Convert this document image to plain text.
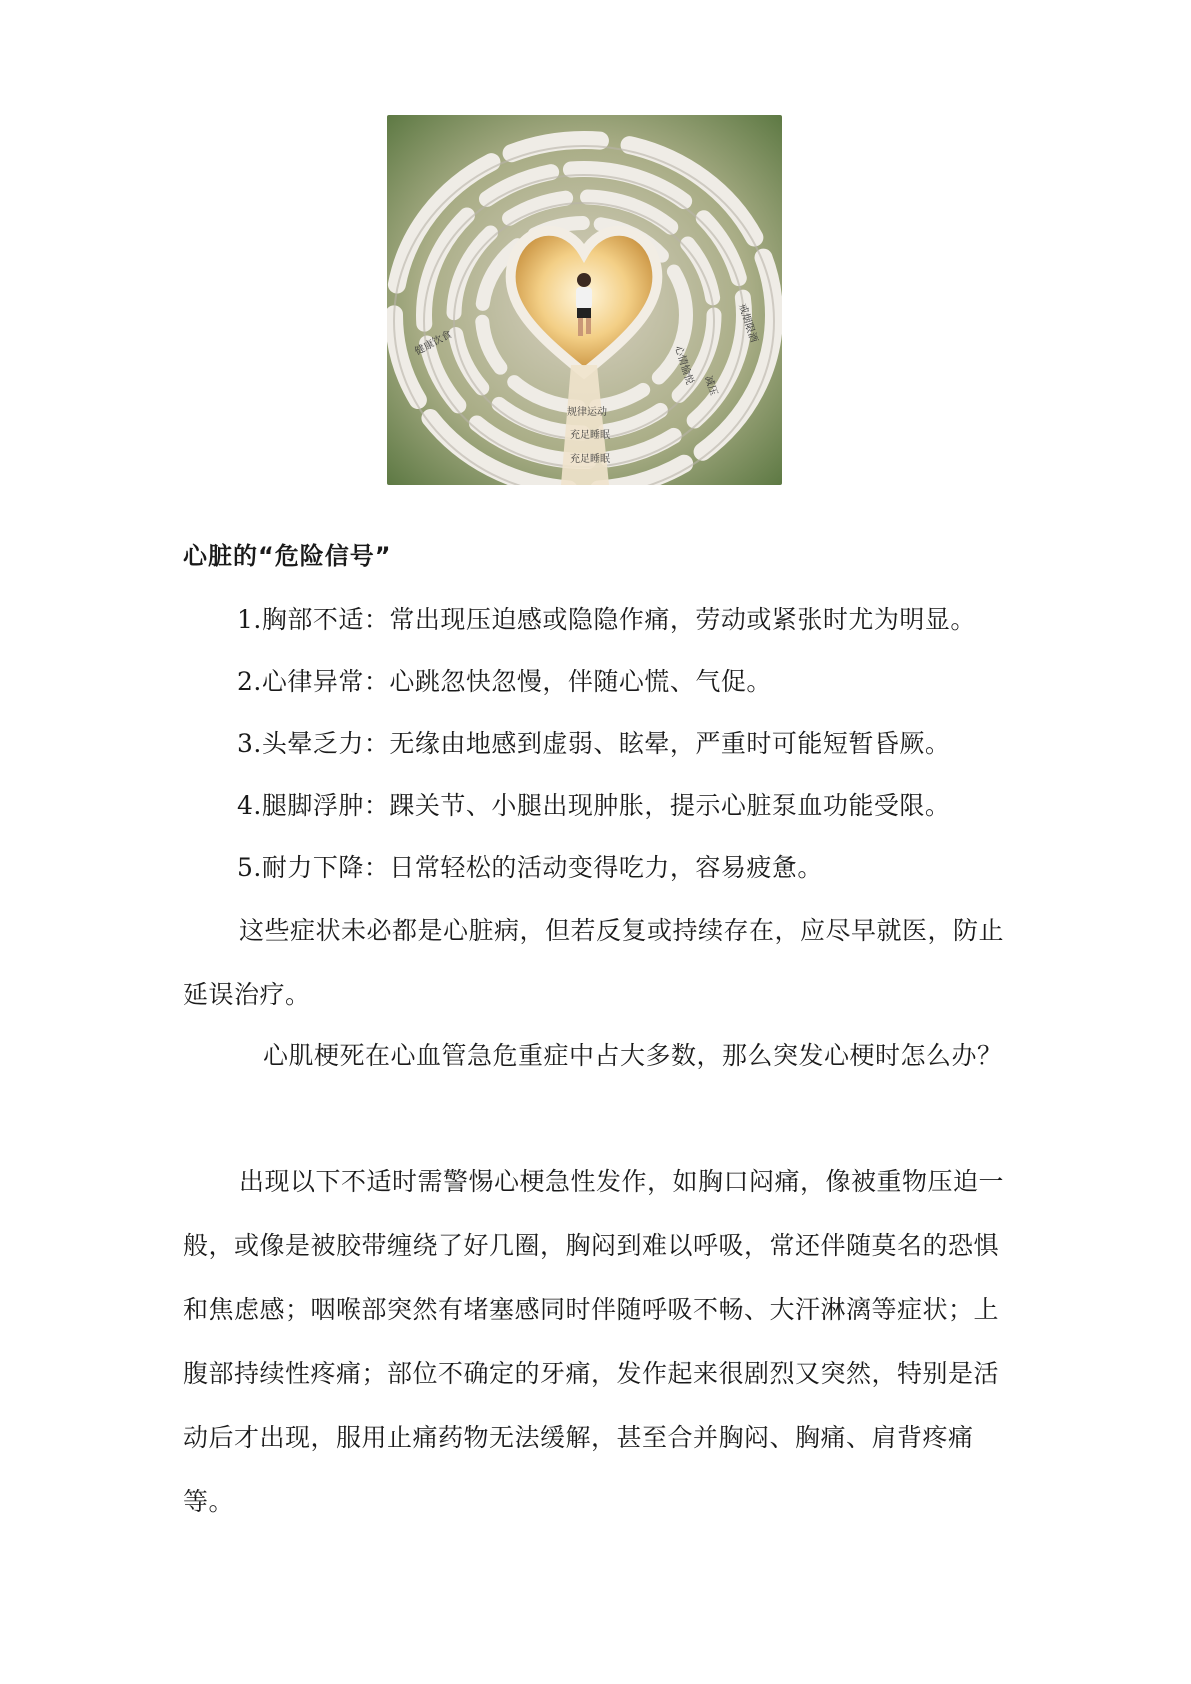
健康饮食	戒烟限酒
心情愉悦 减压
规律运动
充足睡眠
充足睡眠
心脏的“危险信号”

1.胸部不适：常出现压迫感或隐隐作痛，劳动或紧张时尤为明显。

2.心律异常：心跳忽快忽慢，伴随心慌、气促。

3.头晕乏力：无缘由地感到虚弱、眩晕，严重时可能短暂昏厥。

4.腿脚浮肿：踝关节、小腿出现肿胀，提示心脏泵血功能受限。

5.耐力下降：日常轻松的活动变得吃力，容易疲惫。

这些症状未必都是心脏病，但若反复或持续存在，应尽早就医，防止延误治疗。

心肌梗死在心血管急危重症中占大多数，那么突发心梗时怎么办？

出现以下不适时需警惕心梗急性发作，如胸口闷痛，像被重物压迫一般，或像是被胶带缠绕了好几圈，胸闷到难以呼吸，常还伴随莫名的恐惧和焦虑感；咽喉部突然有堵塞感同时伴随呼吸不畅、大汗淋漓等症状；上腹部持续性疼痛；部位不确定的牙痛，发作起来很剧烈又突然，特别是活动后才出现，服用止痛药物无法缓解，甚至合并胸闷、胸痛、肩背疼痛等。
